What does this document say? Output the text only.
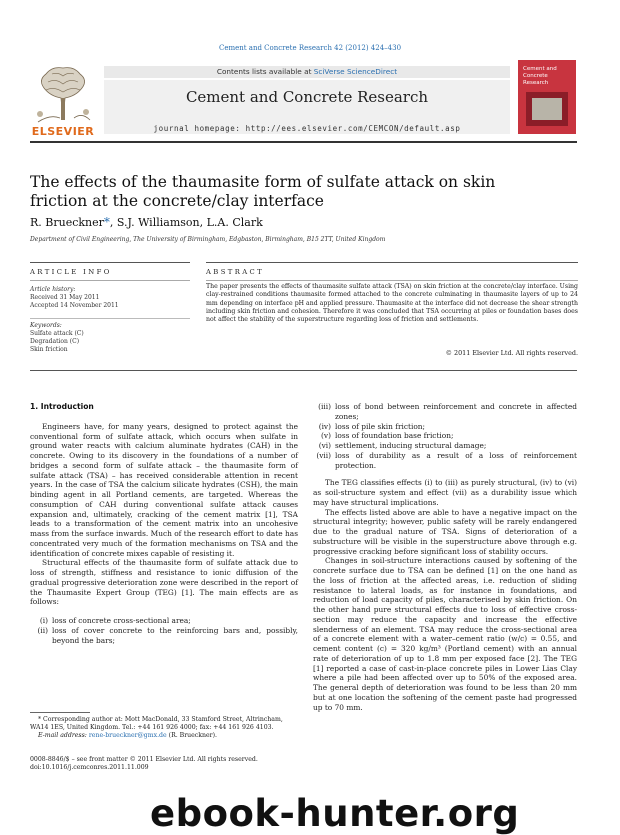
Cement and Concrete Research 42 (2012) 424–430
ELSEVIER
Contents lists available at SciVerse ScienceDirect
Cement and Concrete Research
journal homepage: http://ees.elsevier.com/CEMCON/default.asp
Cement and Concrete Research
The effects of the thaumasite form of sulfate attack on skin friction at the concrete/clay interface
R. Brueckner*, S.J. Williamson, L.A. Clark
Department of Civil Engineering, The University of Birmingham, Edgbaston, Birmingham, B15 2TT, United Kingdom
ARTICLE INFO	ABSTRACT
Article history:
Received 31 May 2011
Accepted 14 November 2011
Keywords:
Sulfate attack (C)
Degradation (C)
Skin friction
The paper presents the effects of thaumasite sulfate attack (TSA) on skin friction at the concrete/clay interface. Using clay-restrained conditions thaumasite formed attached to the concrete culminating in thaumasite layers of up to 24 mm depending on interface pH and applied pressure. Thaumasite at the interface did not decrease the shear strength including skin friction and cohesion. Therefore it was concluded that TSA occurring at piles or foundation bases does not affect the stability of the superstructure regarding loss of friction and settlements.
© 2011 Elsevier Ltd. All rights reserved.
1. Introduction

Engineers have, for many years, designed to protect against the conventional form of sulfate attack, which occurs when sulfate in ground water reacts with calcium aluminate hydrates (CAH) in the concrete. Owing to its discovery in the foundations of a number of bridges a second form of sulfate attack – the thaumasite form of sulfate attack (TSA) – has received considerable attention in recent years. In the case of TSA the calcium silicate hydrates (CSH), the main binding agent in all Portland cements, are targeted. Whereas the consumption of CAH during conventional sulfate attack causes expansion and, ultimately, cracking of the cement matrix [1], TSA leads to a transformation of the cement matrix into an uncohesive mass from the surface inwards. Much of the research effort to date has concentrated very much of the formation mechanisms on TSA and the identification of concrete mixes capable of resisting it.

Structural effects of the thaumasite form of sulfate attack due to loss of strength, stiffness and resistance to ionic diffusion of the gradual progressive deterioration zone were described in the report of the Thaumasite Expert Group (TEG) [1]. The main effects are as follows:

(i) loss of concrete cross-sectional area;
(ii) loss of cover concrete to the reinforcing bars and, possibly, beyond the bars;
(iii) loss of bond between reinforcement and concrete in affected zones;
(iv) loss of pile skin friction;
(v) loss of foundation base friction;
(vi) settlement, inducing structural damage;
(vii) loss of durability as a result of a loss of reinforcement protection.

The TEG classifies effects (i) to (iii) as purely structural, (iv) to (vi) as soil-structure system and effect (vii) as a durability issue which may have structural implications.

The effects listed above are able to have a negative impact on the structural integrity; however, public safety will be rarely endangered due to the gradual nature of TSA. Signs of deterioration of a substructure will be visible in the superstructure above through e.g. progressive cracking before significant loss of stability occurs.

Changes in soil-structure interactions caused by softening of the concrete surface due to TSA can be defined [1] on the one hand as the loss of friction at the affected areas, i.e. reduction of sliding resistance to lateral loads, as for instance in foundations, and reduction of load capacity of piles, characterised by skin friction. On the other hand pure structural effects due to loss of effective cross-section may reduce the capacity and increase the effective slenderness of an element. TSA may reduce the cross-sectional area of a concrete element with a water–cement ratio (w/c) = 0.55, and cement content (c) = 320 kg/m³ (Portland cement) with an annual rate of deterioration of up to 1.8 mm per exposed face [2]. The TEG [1] reported a case of cast-in-place concrete piles in Lower Lias Clay where a pile had been affected over up to 50% of the exposed area. The general depth of deterioration was found to be less than 20 mm but at one location the softening of the cement paste had progressed up to 70 mm.

* Corresponding author at: Mott MacDonald, 33 Stamford Street, Altrincham, WA14 1ES, United Kingdom. Tel.: +44 161 926 4000; fax: +44 161 926 4103.
E-mail address: rene-brueckner@gmx.de (R. Brueckner).
0008-8846/$ – see front matter © 2011 Elsevier Ltd. All rights reserved.
doi:10.1016/j.cemconres.2011.11.009
ebook-hunter.org
